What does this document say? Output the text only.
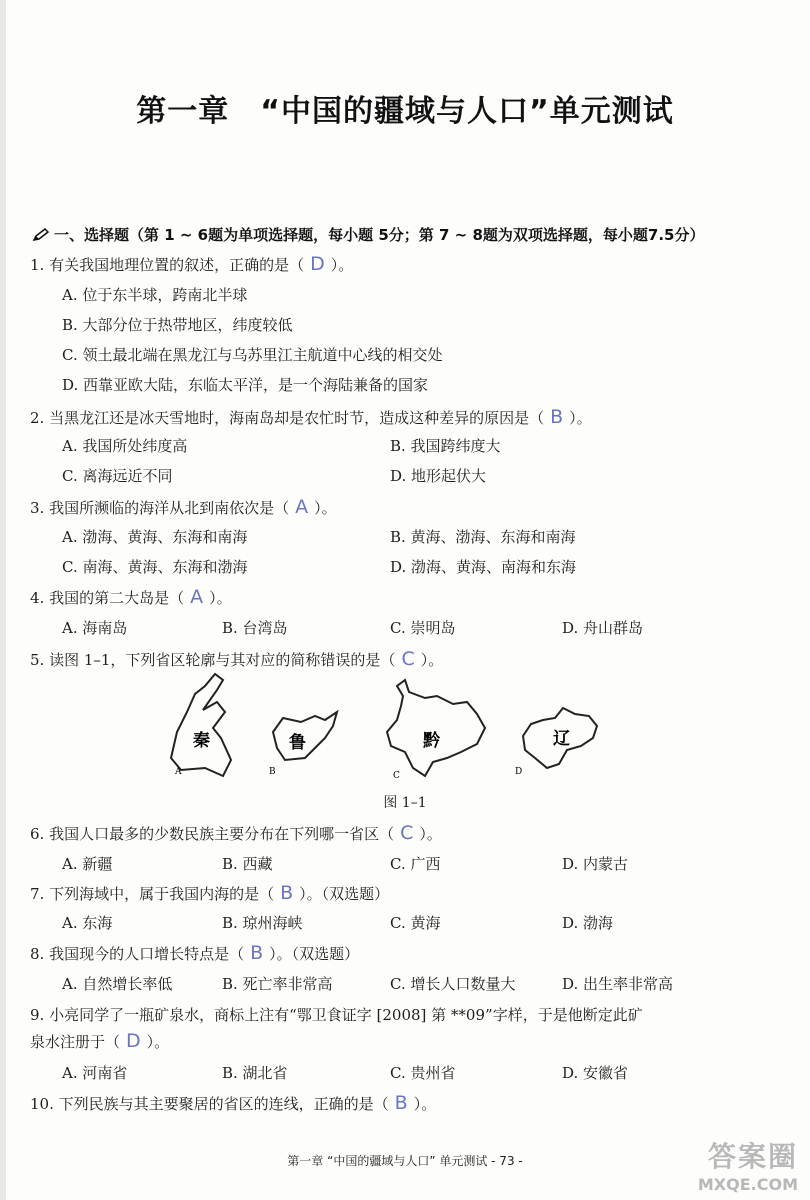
第一章　“中国的疆域与人口”单元测试
一、选择题（第 1 ~ 6题为单项选择题，每小题 5分；第 7 ~ 8题为双项选择题，每小题7.5分）
1. 有关我国地理位置的叙述，正确的是（ D ）。
A. 位于东半球，跨南北半球
B. 大部分位于热带地区，纬度较低
C. 领土最北端在黑龙江与乌苏里江主航道中心线的相交处
D. 西靠亚欧大陆，东临太平洋，是一个海陆兼备的国家
2. 当黑龙江还是冰天雪地时，海南岛却是农忙时节，造成这种差异的原因是（ B ）。
A. 我国所处纬度高	B. 我国跨纬度大
C. 离海远近不同	D. 地形起伏大
3. 我国所濒临的海洋从北到南依次是（ A ）。
A. 渤海、黄海、东海和南海	B. 黄海、渤海、东海和南海
C. 南海、黄海、东海和渤海	D. 渤海、黄海、南海和东海
4. 我国的第二大岛是（ A ）。
A. 海南岛	B. 台湾岛	C. 崇明岛	D. 舟山群岛
5. 读图 1–1，下列省区轮廓与其对应的简称错误的是（ C ）。
秦
A
鲁
B
黔
C
辽
D
图 1–1
6. 我国人口最多的少数民族主要分布在下列哪一省区（ C ）。
A. 新疆	B. 西藏	C. 广西	D. 内蒙古
7. 下列海域中，属于我国内海的是（ B ）。（双选题）
A. 东海	B. 琼州海峡	C. 黄海	D. 渤海
8. 我国现今的人口增长特点是（ B ）。（双选题）
A. 自然增长率低	B. 死亡率非常高	C. 增长人口数量大	D. 出生率非常高
9. 小亮同学了一瓶矿泉水，商标上注有“鄂卫食证字 [2008] 第 **09”字样，于是他断定此矿
泉水注册于（ D ）。
A. 河南省	B. 湖北省	C. 贵州省	D. 安徽省
10. 下列民族与其主要聚居的省区的连线，正确的是（ B ）。
第一章 “中国的疆域与人口” 单元测试 - 73 -	答案圈
MXQE.COM
